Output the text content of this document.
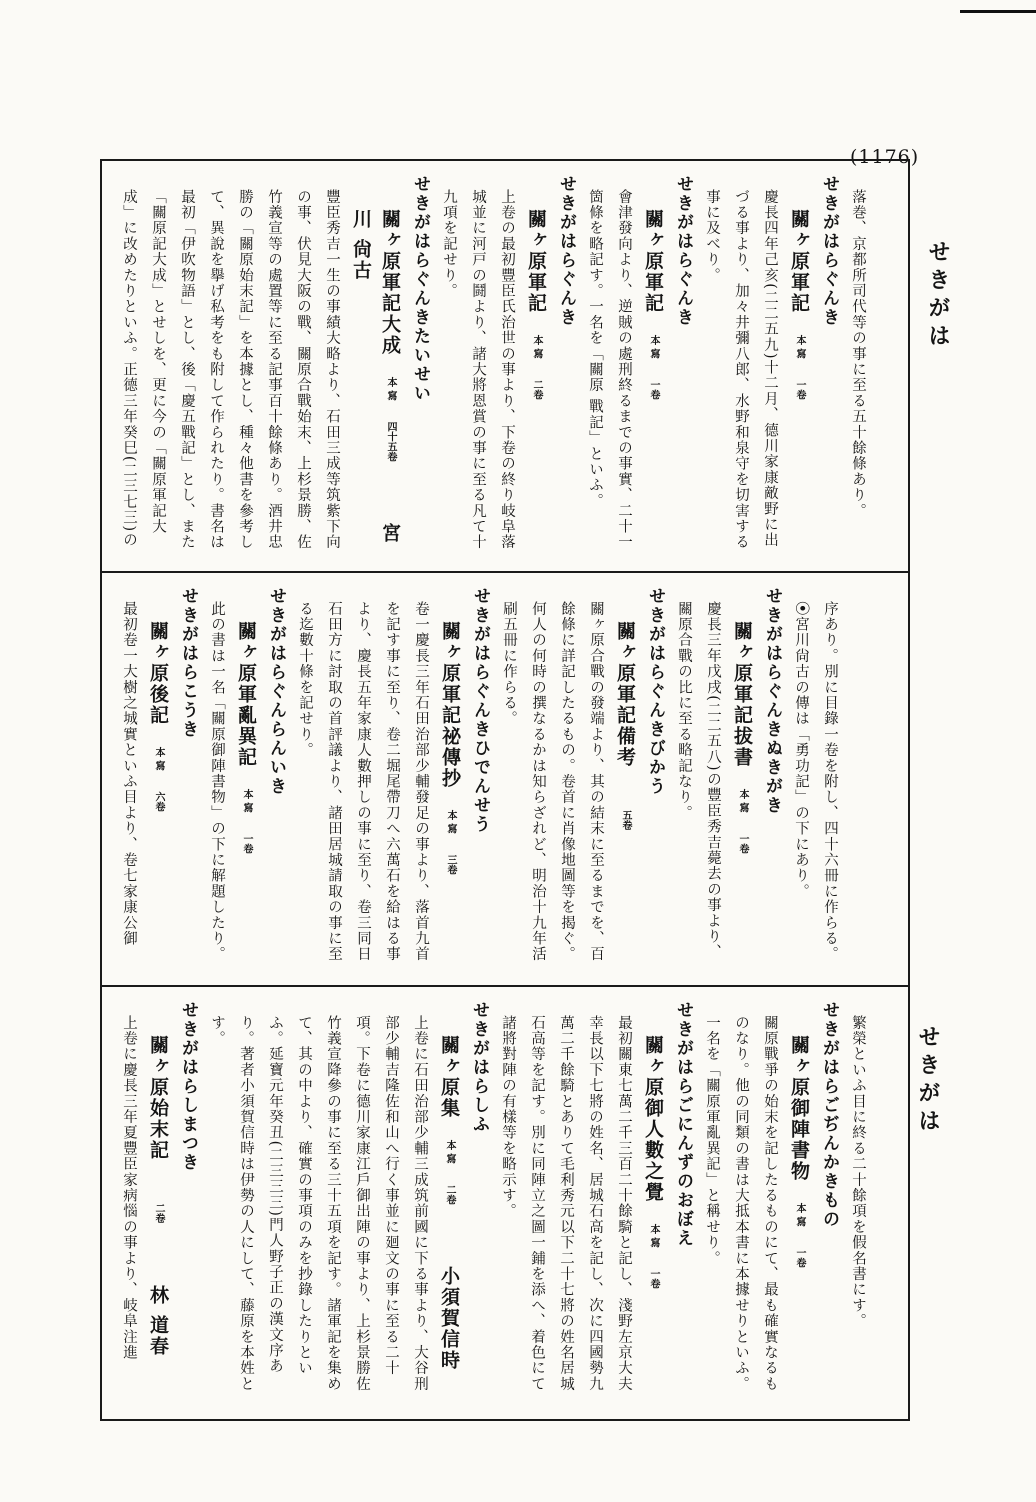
(1176)
せきがは
せきがは
落巻、京都所司代等の事に至る五十餘條あり。
せきがはらぐんき
關ヶ原軍記　本 寫　一卷
慶長四年己亥(二二五九)十二月、德川家康敵野に出づる事より、加々井彌八郎、水野和泉守を切害する事に及べり。
せきがはらぐんき
關ヶ原軍記　本 寫　一卷
會津發向より、逆賊の處刑終るまでの事實、二十一箇條を略記す。一名を「關原 戰記」といふ。
せきがはらぐんき
關ヶ原軍記　本 寫　二卷
上卷の最初豐臣氏治世の事より、下卷の終り岐阜落城並に河戸の鬪より、諸大將恩賞の事に至る凡て十九項を記せり。
せきがはらぐんきたいせい
關ヶ原軍記大成　本 寫　四十五卷　　宮川 尙古
豐臣秀吉一生の事績大略より、石田三成等筑紫下向の事、伏見大阪の戰、關原合戰始末、上杉景勝、佐竹義宣等の處置等に至る記事百十餘條あり。酒井忠勝の「關原始末記」を本據とし、種々他書を參考して、異說を擧げ私考をも附して作られたり。書名は最初「伊吹物語」とし、後「慶五戰記」とし、また「關原記大成」とせしを、更に今の「關原軍記大成」に改めたりといふ。正德三年癸巳(二三七三)の
序あり。別に目錄一卷を附し、四十六冊に作らる。
⦿宮川尙古の傳は「勇功記」の下にあり。
せきがはらぐんきぬきがき
關ヶ原軍記拔書　本 寫　一卷
慶長三年戊戌(二二五八)の豐臣秀吉薨去の事より、關原合戰の比に至る略記なり。
せきがはらぐんきびかう
關ヶ原軍記備考　　五卷
關ヶ原合戰の發端より、其の結末に至るまでを、百餘條に詳記したるもの。卷首に肖像地圖等を揭ぐ。何人の何時の撰なるかは知らざれど、明治十九年活刷五冊に作らる。
せきがはらぐんきひでんせう
關ヶ原軍記祕傳抄　本 寫　三卷
卷一慶長三年石田治部少輔發足の事より、落首九首を記す事に至り、卷二堀尾帶刀へ六萬石を給はる事より、慶長五年家康人數押しの事に至り、卷三同日石田方に討取の首評議より、諸田居城請取の事に至る迄數十條を記せり。
せきがはらぐんらんいき
關ヶ原軍亂異記　本 寫　一卷
此の書は一名「關原御陣書物」の下に解題したり。
せきがはらこうき
關ヶ原後記　本 寫　六卷
最初卷一大樹之城實といふ目より、卷七家康公御
繁榮といふ目に終る二十餘項を假名書にす。
せきがはらごぢんかきもの
關ヶ原御陣書物　本 寫　一卷
關原戰爭の始末を記したるものにて、最も確實なるものなり。他の同類の書は大抵本書に本據せりといふ。一名を「關原軍亂異記」と稱せり。
せきがはらごにんずのおぼえ
關ヶ原御人數之覺　本 寫　一卷
最初關東七萬二千三百二十餘騎と記し、淺野左京大夫幸長以下七將の姓名、居城石高を記し、次に四國勢九萬二千餘騎とありて毛利秀元以下二十七將の姓名居城石高等を記す。別に同陣立之圖一鋪を添へ、着色にて諸將對陣の有樣等を略示す。
せきがはらしふ
關ヶ原集　本 寫　二卷　　小須賀信時
上卷に石田治部少輔三成筑前國に下る事より、大谷刑部少輔吉隆佐和山へ行く事並に廻文の事に至る二十項。下卷に德川家康江戶御出陣の事より、上杉景勝佐竹義宣降參の事に至る三十五項を記す。諸軍記を集めて、其の中より、確實の事項のみを抄錄したりといふ。延寶元年癸丑(二三三三)門人野子正の漢文序あり。著者小須賀信時は伊勢の人にして、藤原を本姓とす。
せきがはらしまつき
關ヶ原始末記　　二卷　　林 道春
上卷に慶長三年夏豐臣家病惱の事より、岐阜注進
